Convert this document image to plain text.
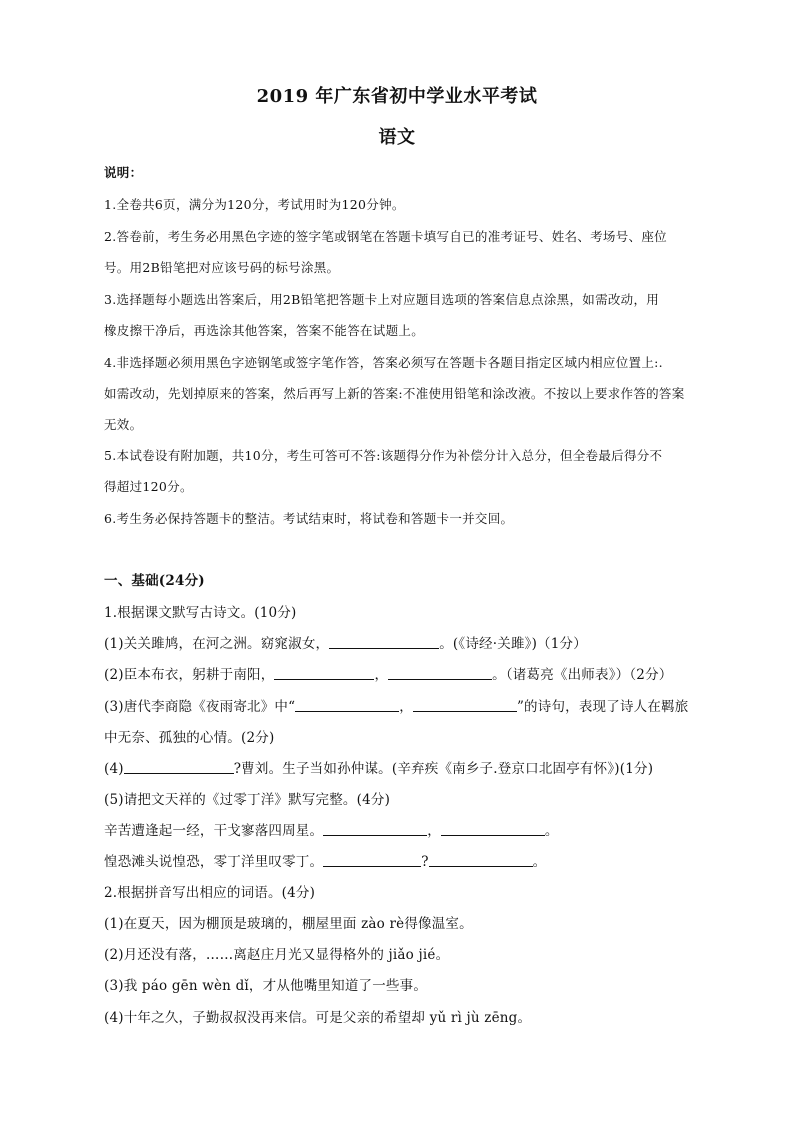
2019 年广东省初中学业水平考试
语文
说明：
1.全卷共6页，满分为120分，考试用时为120分钟。
2.答卷前，考生务必用黑色字迹的签字笔或钢笔在答题卡填写自已的准考证号、姓名、考场号、座位
号。用2B铅笔把对应该号码的标号涂黑。
3.选择题每小题选出答案后，用2B铅笔把答题卡上对应题目选项的答案信息点涂黑，如需改动，用
橡皮擦干净后，再选涂其他答案，答案不能答在试题上。
4.非选择题必须用黑色字迹钢笔或签字笔作答，答案必须写在答题卡各题目指定区域内相应位置上:.
如需改动，先划掉原来的答案，然后再写上新的答案:不准使用铅笔和涂改液。不按以上要求作答的答案
无效。
5.本试卷设有附加题，共10分，考生可答可不答:该题得分作为补偿分计入总分，但全卷最后得分不
得超过120分。
6.考生务必保持答题卡的整洁。考试结束时，将试卷和答题卡一并交回。
一、基础(24分)
1.根据课文默写古诗文。(10分)
(1)关关雎鸠，在河之洲。窈窕淑女，	。(《诗经·关雎》)（1分）
(2)臣本布衣，躬耕于南阳，	，	。（诸葛亮《出师表》）（2分）
(3)唐代李商隐《夜雨寄北》中“	，	”的诗句，表现了诗人在羁旅
中无奈、孤独的心情。(2分)
(4)	?曹刘。生子当如孙仲谋。(辛弃疾《南乡子.登京口北固亭有怀》)(1分)
(5)请把文天祥的《过零丁洋》默写完整。(4分)
辛苦遭逢起一经，干戈寥落四周星。	，	。
惶恐滩头说惶恐，零丁洋里叹零丁。	?	。
2.根据拼音写出相应的词语。(4分)
(1)在夏天，因为棚顶是玻璃的，棚屋里面 zào rè得像温室。
(2)月还没有落，……离赵庄月光又显得格外的 jiǎo jié。
(3)我 páo gēn wèn dǐ，才从他嘴里知道了一些事。
(4)十年之久，子勤叔叔没再来信。可是父亲的希望却 yǔ rì jù zēng。
